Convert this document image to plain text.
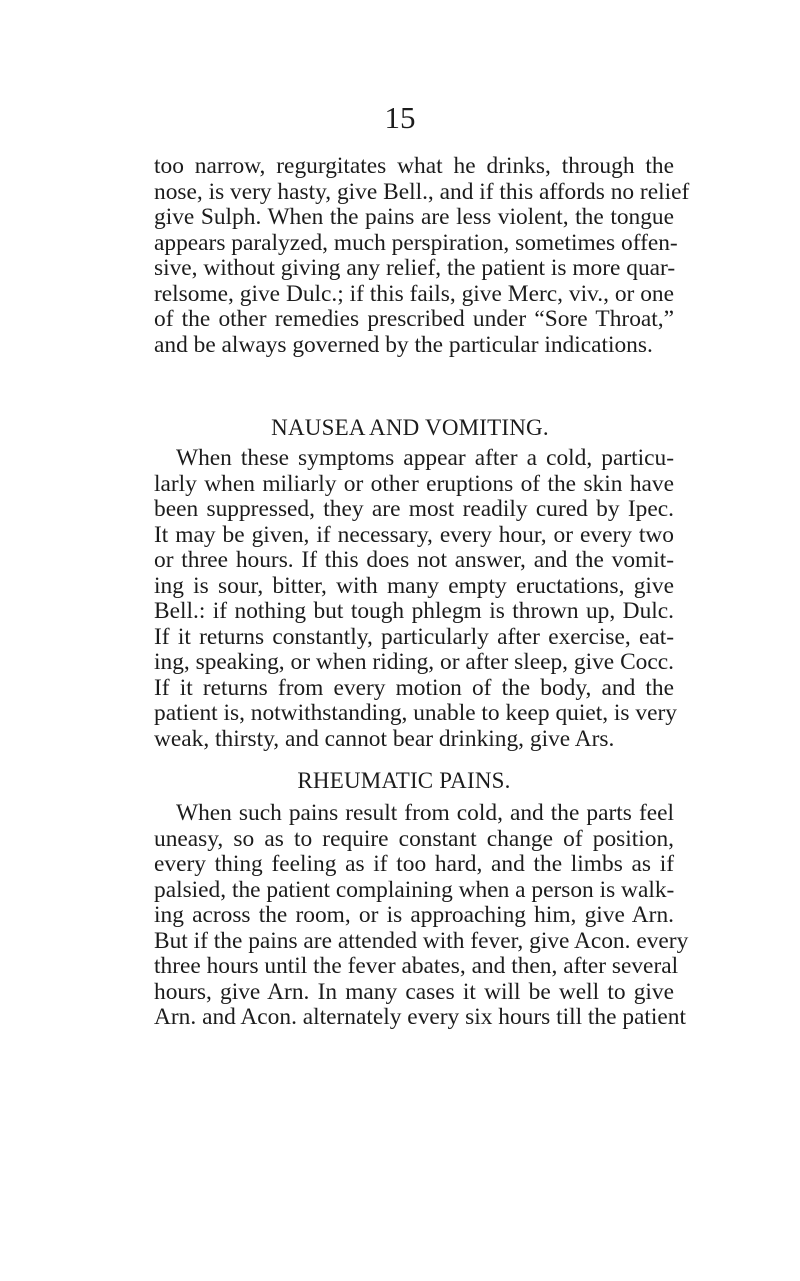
15
too narrow, regurgitates what he drinks, through the
nose, is very hasty, give Bell., and if this affords no relief
give Sulph. When the pains are less violent, the tongue
appears paralyzed, much perspiration, sometimes offen-
sive, without giving any relief, the patient is more quar-
relsome, give Dulc.; if this fails, give Merc, viv., or one
of the other remedies prescribed under “Sore Throat,”
and be always governed by the particular indications.
NAUSEA AND VOMITING.
When these symptoms appear after a cold, particu-
larly when miliarly or other eruptions of the skin have
been suppressed, they are most readily cured by Ipec.
It may be given, if necessary, every hour, or every two
or three hours. If this does not answer, and the vomit-
ing is sour, bitter, with many empty eructations, give
Bell.: if nothing but tough phlegm is thrown up, Dulc.
If it returns constantly, particularly after exercise, eat-
ing, speaking, or when riding, or after sleep, give Cocc.
If it returns from every motion of the body, and the
patient is, notwithstanding, unable to keep quiet, is very
weak, thirsty, and cannot bear drinking, give Ars.
RHEUMATIC PAINS.
When such pains result from cold, and the parts feel
uneasy, so as to require constant change of position,
every thing feeling as if too hard, and the limbs as if
palsied, the patient complaining when a person is walk-
ing across the room, or is approaching him, give Arn.
But if the pains are attended with fever, give Acon. every
three hours until the fever abates, and then, after several
hours, give Arn. In many cases it will be well to give
Arn. and Acon. alternately every six hours till the patient
